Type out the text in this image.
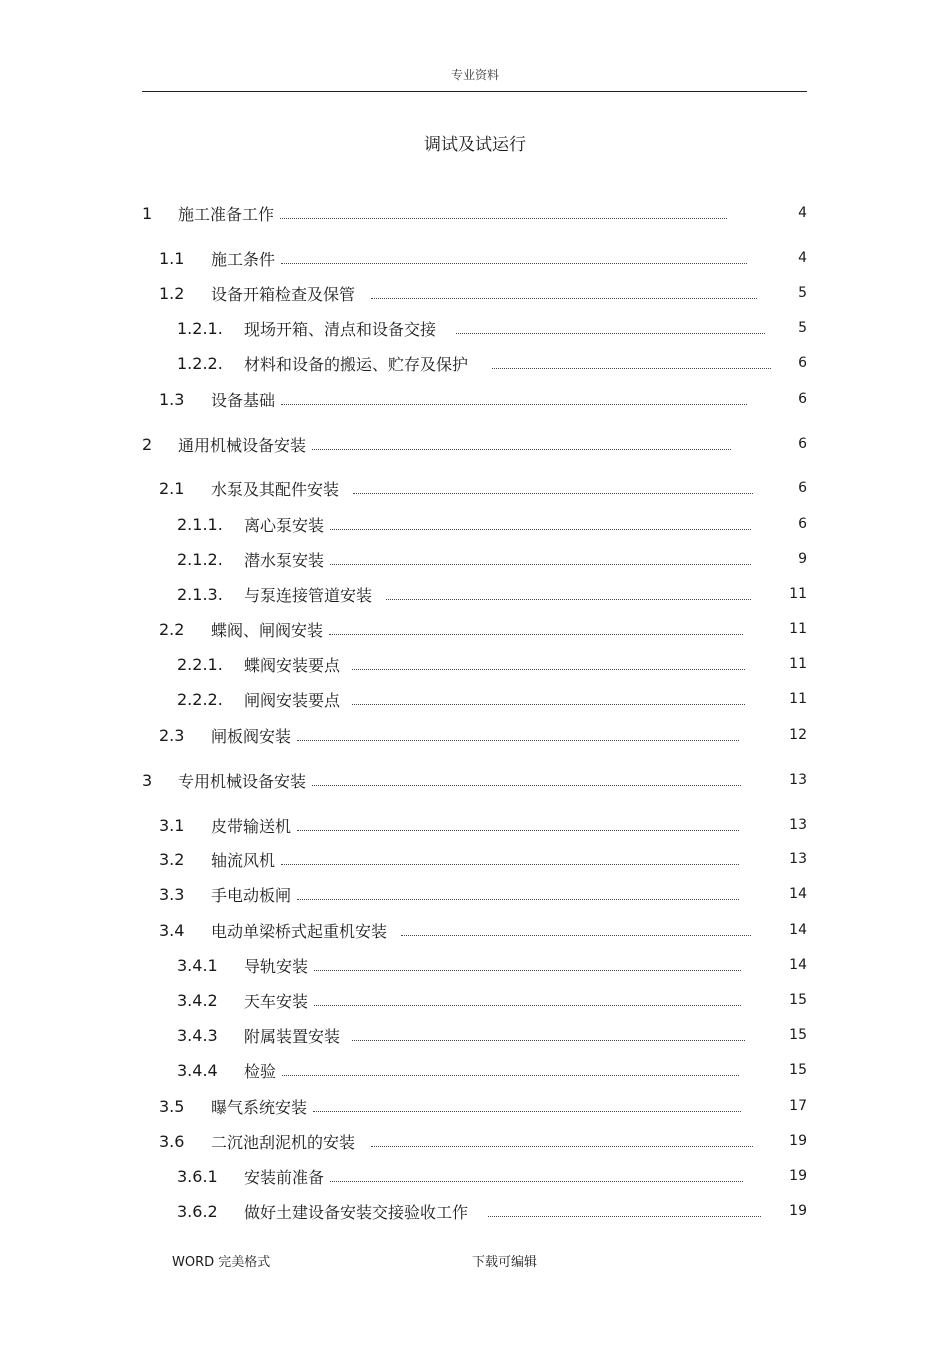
专业资料
调试及试运行
1	施工准备工作	4
1.1	施工条件	4
1.2	设备开箱检查及保管	5
1.2.1.	现场开箱、清点和设备交接	5
1.2.2.	材料和设备的搬运、贮存及保护	6
1.3	设备基础	6
2	通用机械设备安装	6
2.1	水泵及其配件安装	6
2.1.1.	离心泵安装	6
2.1.2.	潜水泵安装	9
2.1.3.	与泵连接管道安装	11
2.2	蝶阀、闸阀安装	11
2.2.1.	蝶阀安装要点	11
2.2.2.	闸阀安装要点	11
2.3	闸板阀安装	12
3	专用机械设备安装	13
3.1	皮带输送机	13
3.2	轴流风机	13
3.3	手电动板闸	14
3.4	电动单梁桥式起重机安装	14
3.4.1	导轨安装	14
3.4.2	天车安装	15
3.4.3	附属装置安装	15
3.4.4	检验	15
3.5	曝气系统安装	17
3.6	二沉池刮泥机的安装	19
3.6.1	安装前准备	19
3.6.2	做好土建设备安装交接验收工作	19
WORD 完美格式	下载可编辑
